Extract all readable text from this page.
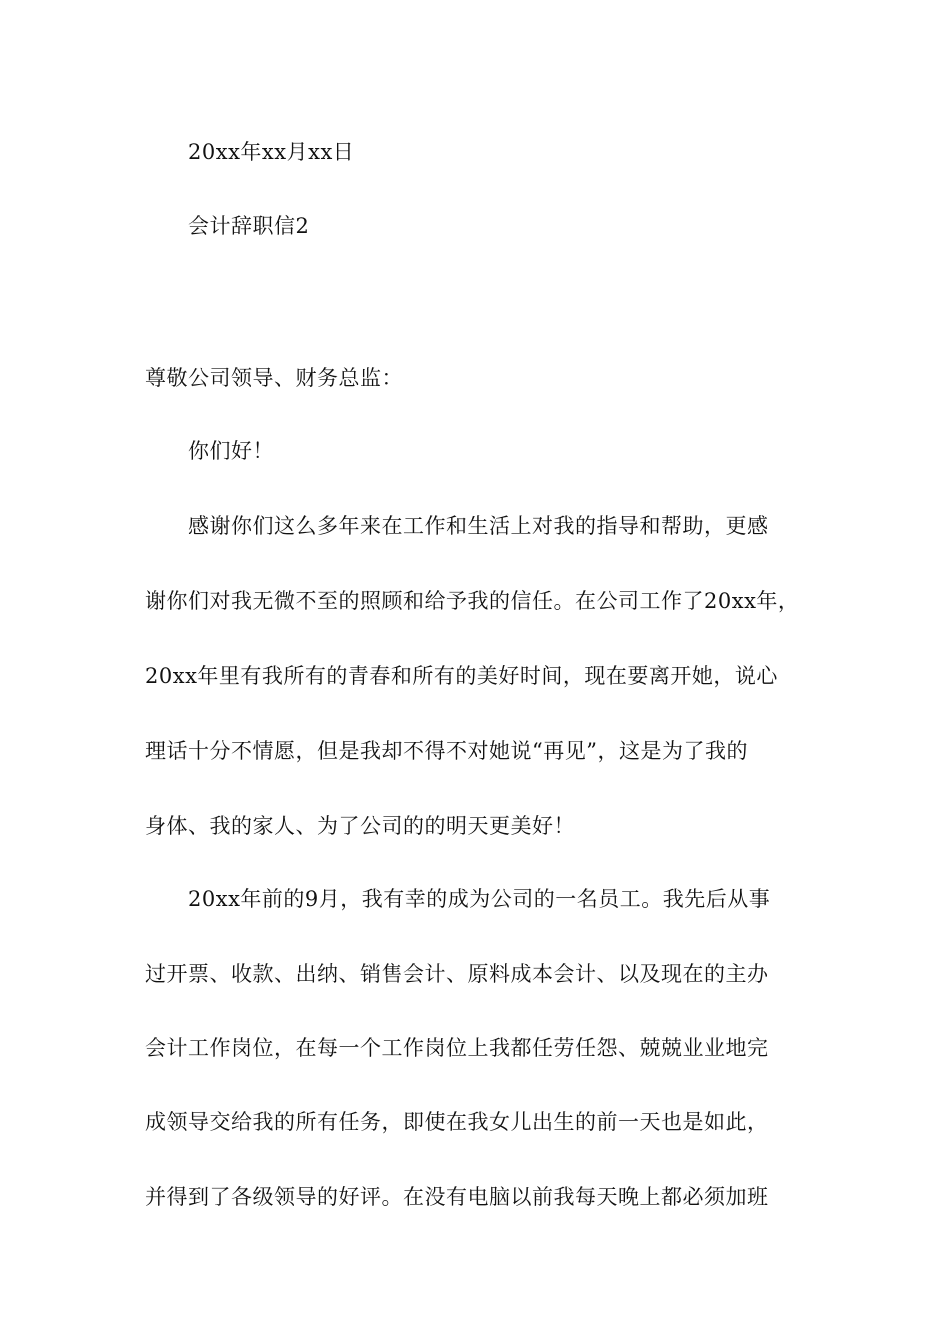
20xx年xx月xx日
会计辞职信2
尊敬公司领导、财务总监：
你们好！
感谢你们这么多年来在工作和生活上对我的指导和帮助，更感
谢你们对我无微不至的照顾和给予我的信任。在公司工作了20xx年，
20xx年里有我所有的青春和所有的美好时间，现在要离开她，说心
理话十分不情愿，但是我却不得不对她说“再见”，这是为了我的
身体、我的家人、为了公司的的明天更美好！
20xx年前的9月，我有幸的成为公司的一名员工。我先后从事
过开票、收款、出纳、销售会计、原料成本会计、以及现在的主办
会计工作岗位，在每一个工作岗位上我都任劳任怨、兢兢业业地完
成领导交给我的所有任务，即使在我女儿出生的前一天也是如此，
并得到了各级领导的好评。在没有电脑以前我每天晚上都必须加班
